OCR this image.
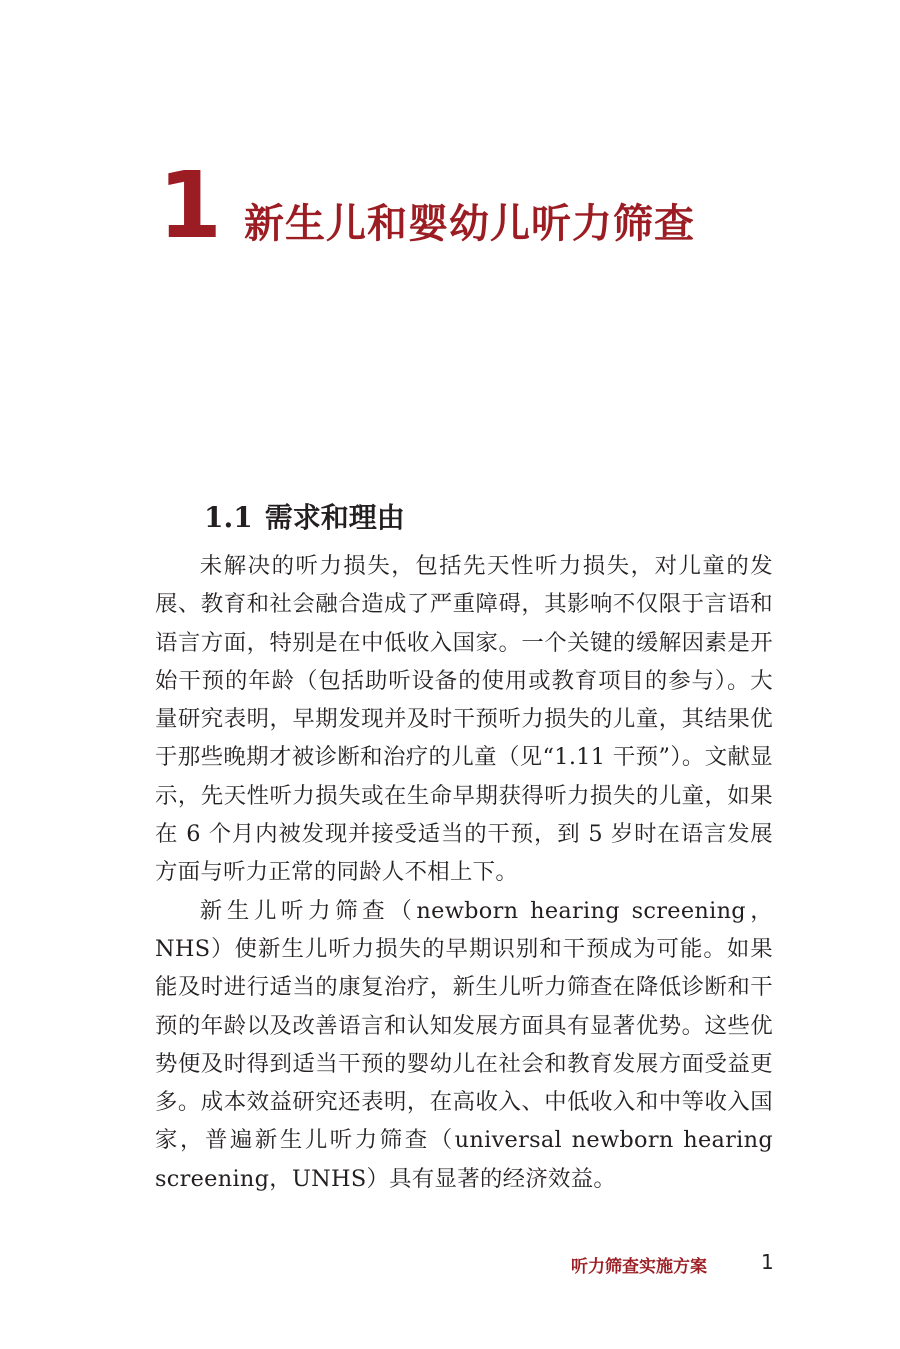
1 新生儿和婴幼儿听力筛查
1.1 需求和理由

未解决的听力损失，包括先天性听力损失，对儿童的发展、教育和社会融合造成了严重障碍，其影响不仅限于言语和语言方面，特别是在中低收入国家。一个关键的缓解因素是开始干预的年龄（包括助听设备的使用或教育项目的参与）。大量研究表明，早期发现并及时干预听力损失的儿童，其结果优于那些晚期才被诊断和治疗的儿童（见“1.11 干预”）。文献显示，先天性听力损失或在生命早期获得听力损失的儿童，如果在 6 个月内被发现并接受适当的干预，到 5 岁时在语言发展方面与听力正常的同龄人不相上下。

新生儿听力筛查（newborn hearing screening，NHS）使新生儿听力损失的早期识别和干预成为可能。如果能及时进行适当的康复治疗，新生儿听力筛查在降低诊断和干预的年龄以及改善语言和认知发展方面具有显著优势。这些优势便及时得到适当干预的婴幼儿在社会和教育发展方面受益更多。成本效益研究还表明，在高收入、中低收入和中等收入国家，普遍新生儿听力筛查（universal newborn hearing screening，UNHS）具有显著的经济效益。

听力筛查实施方案	1
